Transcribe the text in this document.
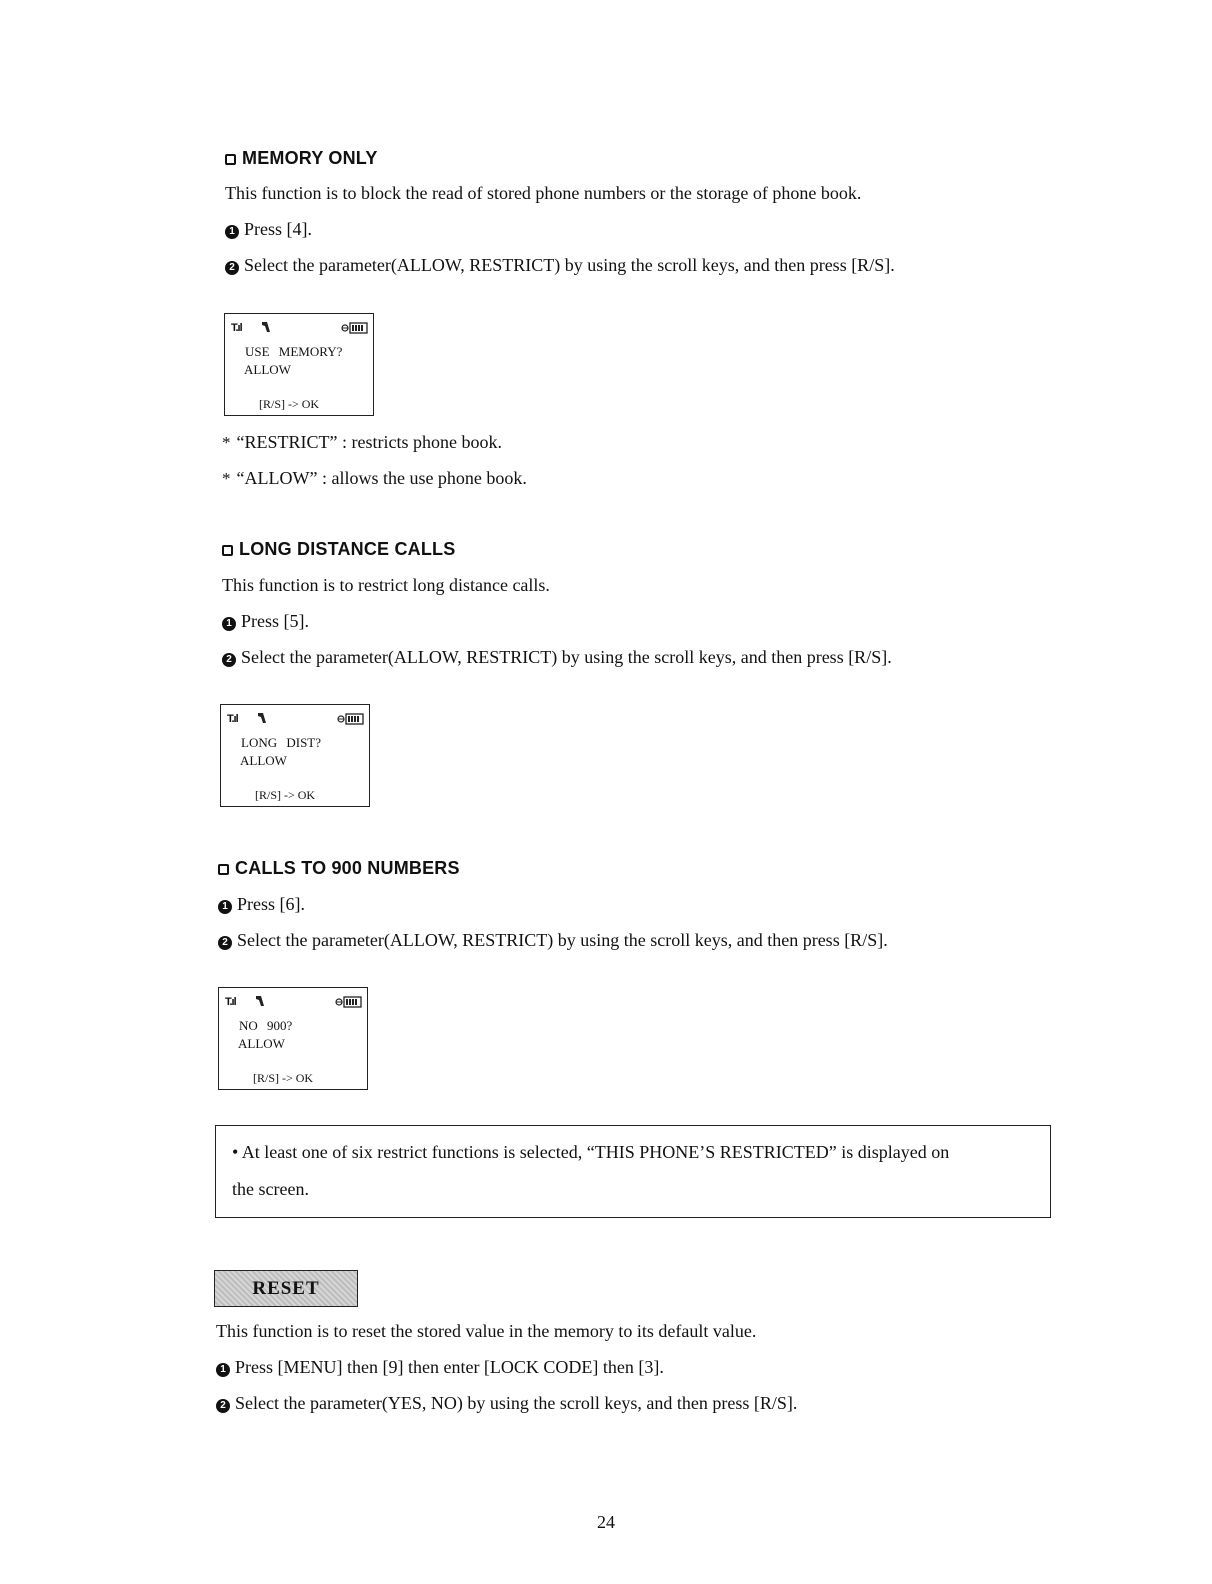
MEMORY ONLY
This function is to block the read of stored phone numbers or the storage of phone book.
1 Press [4].
2 Select the parameter(ALLOW, RESTRICT) by using the scroll keys, and then press [R/S].
T.ıl
USE MEMORY?
ALLOW
[R/S] -> OK
* “RESTRICT” : restricts phone book.
* “ALLOW” : allows the use phone book.
LONG DISTANCE CALLS
This function is to restrict long distance calls.
1 Press [5].
2 Select the parameter(ALLOW, RESTRICT) by using the scroll keys, and then press [R/S].
T.ıl
LONG DIST?
ALLOW
[R/S] -> OK
CALLS TO 900 NUMBERS
1 Press [6].
2 Select the parameter(ALLOW, RESTRICT) by using the scroll keys, and then press [R/S].
T.ıl
NO 900?
ALLOW
[R/S] -> OK
• At least one of six restrict functions is selected, “THIS PHONE’S RESTRICTED” is displayed on
the screen.
RESET
This function is to reset the stored value in the memory to its default value.
1 Press [MENU] then [9] then enter [LOCK CODE] then [3].
2 Select the parameter(YES, NO) by using the scroll keys, and then press [R/S].
24
